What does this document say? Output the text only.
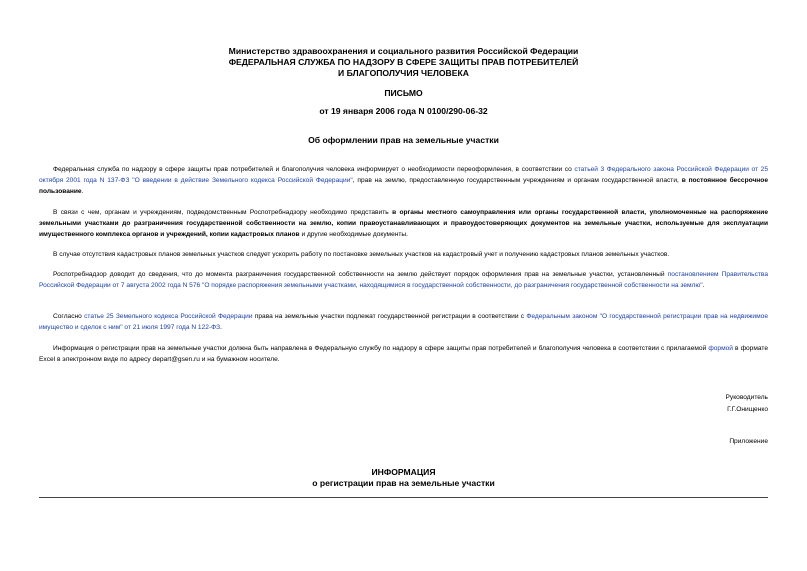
Министерство здравоохранения и социального развития Российской Федерации
ФЕДЕРАЛЬНАЯ СЛУЖБА ПО НАДЗОРУ В СФЕРЕ ЗАЩИТЫ ПРАВ ПОТРЕБИТЕЛЕЙ
И БЛАГОПОЛУЧИЯ ЧЕЛОВЕКА
ПИСЬМО
от 19 января 2006 года N 0100/290-06-32
Об оформлении прав на земельные участки
Федеральная служба по надзору в сфере защиты прав потребителей и благополучия человека информирует о необходимости переоформления, в соответствии со статьей 3 Федерального закона Российской Федерации от 25 октября 2001 года N 137-ФЗ "О введении в действие Земельного кодекса Российской Федерации", прав на землю, предоставленную государственным учреждениям и органам государственной власти, в постоянное бессрочное пользование.
В связи с чем, органам и учреждениям, подведомственным Роспотребнадзору необходимо представить в органы местного самоуправления или органы государственной власти, уполномоченные на распоряжение земельными участками до разграничения государственной собственности на землю, копии правоустанавливающих и правоудостоверяющих документов на земельные участки, используемые для эксплуатации имущественного комплекса органов и учреждений, копии кадастровых планов и другие необходимые документы.
В случае отсутствия кадастровых планов земельных участков следует ускорить работу по постановке земельных участков на кадастровый учет и получению кадастровых планов земельных участков.
Роспотребнадзор доводит до сведения, что до момента разграничения государственной собственности на землю действует порядок оформления прав на земельные участки, установленный постановлением Правительства Российской Федерации от 7 августа 2002 года N 576 "О порядке распоряжения земельными участками, находящимися в государственной собственности, до разграничения государственной собственности на землю".
Согласно статье 25 Земельного кодекса Российской Федерации права на земельные участки подлежат государственной регистрации в соответствии с Федеральным законом "О государственной регистрации прав на недвижимое имущество и сделок с ним" от 21 июля 1997 года N 122-ФЗ.
Информация о регистрации прав на земельные участки должна быть направлена в Федеральную службу по надзору в сфере защиты прав потребителей и благополучия человека в соответствии с прилагаемой формой в формате Excel в электронном виде по адресу depart@gsen.ru и на бумажном носителе.
Руководитель
Г.Г.Онищенко
Приложение
ИНФОРМАЦИЯ
о регистрации прав на земельные участки
